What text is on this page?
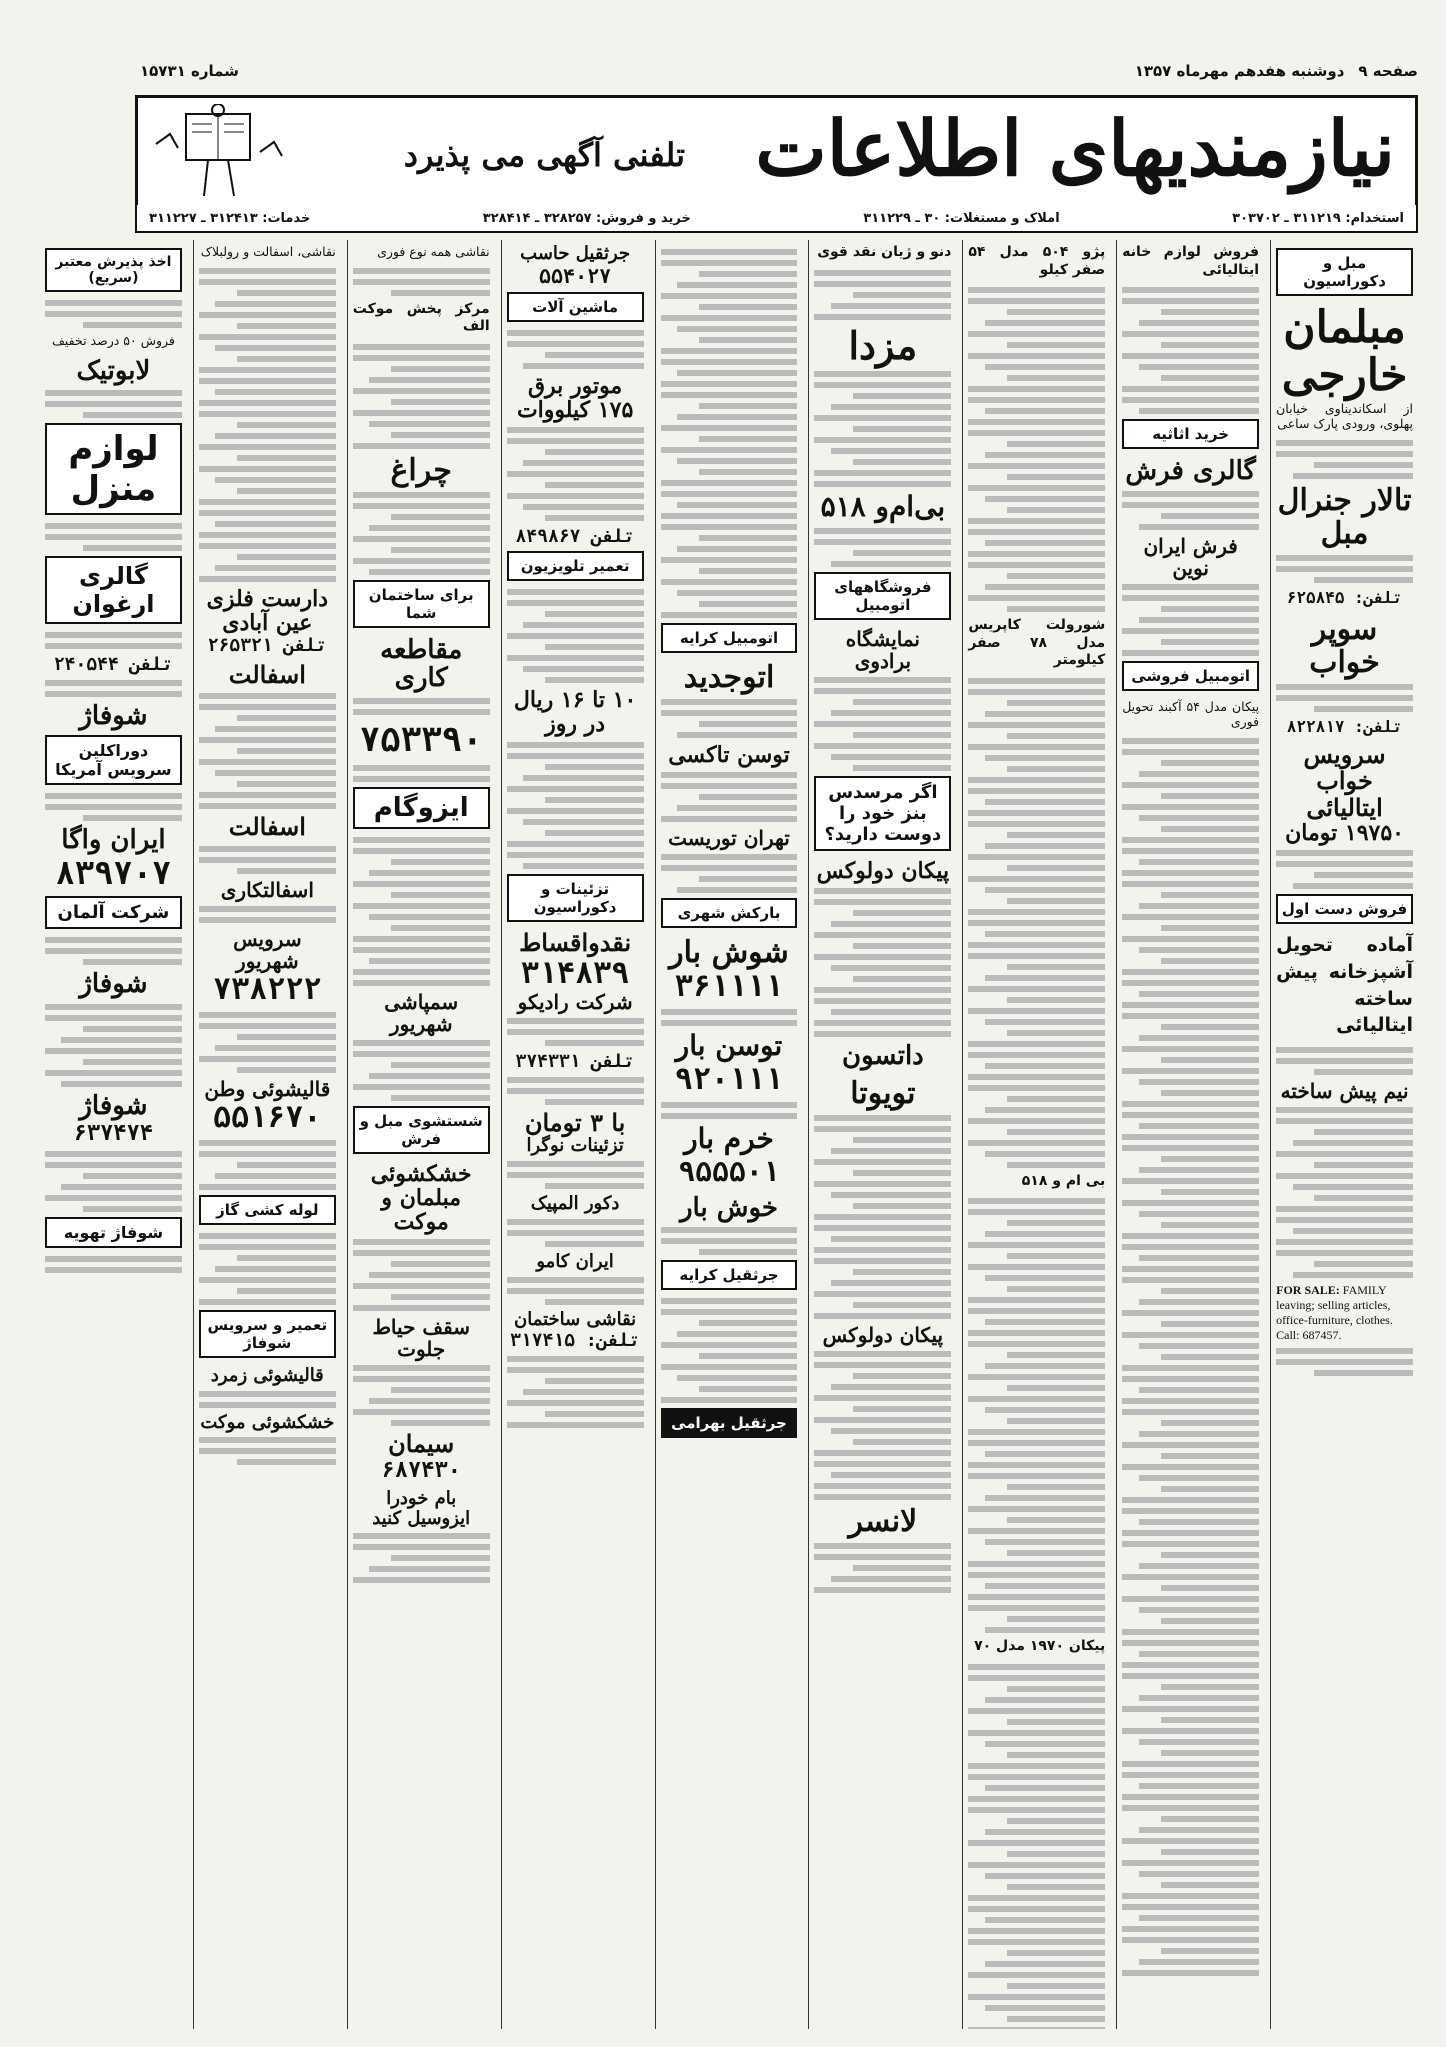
صفحه ۹
دوشنبه هفدهم مهرماه ۱۳۵۷
شماره ۱۵۷۳۱
نیازمندیهای اطلاعات
تلفنی آگهی می پذیرد
استخدام: ۳۱۱۲۱۹ ـ ۳۰۳۷۰۲
املاک و مستغلات: ۳۰ ـ ۳۱۱۲۲۹
خرید و فروش: ۳۲۸۲۵۷ ـ ۳۲۸۴۱۴
خدمات: ۳۱۲۴۱۳ ـ ۳۱۱۲۲۷
مبل و دکوراسیون
مبلمان خارجی

از اسکاندیناوی خیابان پهلوی، ورودی پارک ساعی

تالار جنرال مبل
تلفن: ۶۲۵۸۴۵
سوپر خواب
تلفن: ۸۲۲۸۱۷
سرویس خواب ایتالیائی
۱۹۷۵۰ تومان
فروش دست اول

آماده تحویل آشپزخانه پیش ساخته ایتالیائی

نیم پیش ساخته
FOR SALE: FAMILY leaving; selling articles, office-furniture, clothes. Call: 687457.

فروش لوازم خانه ایتالیائی

خرید اثاثیه
گالری فرش
فرش ایران نوین
اتومبیل فروشی

پیکان مدل ۵۴ آکبند تحویل فوری

پژو ۵۰۴ مدل ۵۴ صفر کیلو

شورولت کاپریس مدل ۷۸ صفر کیلومتر

بی ام و ۵۱۸

پیکان ۱۹۷۰ مدل ۷۰

دنو و ژیان نقد قوی

مزدا
بی‌ام‌و ۵۱۸
فروشگاههای اتومبیل
نمایشگاه برادوی
اگر مرسدس بنز خود را دوست دارید؟
پیکان دولوکس
داتسون
تویوتا
پیکان دولوکس
لانسر
اتومبیل کرایه
اتوجدید
توسن تاکسی
تهران توریست
بارکش شهری
شوش بار
۳۶۱۱۱۱
توسن بار
۹۲۰۱۱۱
خرم بار
۹۵۵۵۰۱
خوش بار
جرثقیل کرایه
جرثقیل بهرامی
جرثقیل حاسب
۵۵۴۰۲۷
ماشین آلات
موتور برق ۱۷۵ کیلووات
تلفن ۸۴۹۸۶۷
تعمیر تلویزیون
۱۰ تا ۱۶ ریال در روز
تزئینات و دکوراسیون
نقدواقساط
۳۱۴۸۳۹
شرکت رادیکو
تلفن ۳۷۴۳۳۱
با ۳ تومان
تزئینات نوگرا
دکور المپیک
ایران کامو
نقاشی ساختمان
تلفن: ۳۱۷۴۱۵

نقاشی همه نوع فوری

مرکز پخش موکت الف

چراغ
برای ساختمان شما
مقاطعه کاری
۷۵۳۳۹۰
ایزوگام
سمپاشی شهریور
شستشوی مبل و فرش
خشکشوئی مبلمان و موکت
سقف حیاط جلوت
سیمان
۶۸۷۴۳۰
بام خودرا ایزوسیل کنید

نقاشی، اسفالت و رولبلاک

دارست فلزی عین آبادی
تلفن ۲۶۵۳۲۱
اسفالت
اسفالت
اسفالتکاری
سرویس شهریور
۷۳۸۲۲۲
قالیشوئی وطن
۵۵۱۶۷۰
لوله کشی گاز
تعمیر و سرویس شوفاژ
قالیشوئی زمرد
خشکشوئی موکت
اخذ پذیرش معتبر (سریع)

فروش ۵۰ درصد تخفیف

لابوتیک
لوازم منزل
گالری ارغوان
تلفن ۲۴۰۵۴۴
شوفاژ
دوراکلین سرویس آمریکا
ایران واگا
۸۳۹۷۰۷
شرکت آلمان
شوفاژ
شوفاژ
۶۳۷۴۷۴
شوفاژ تهویه
